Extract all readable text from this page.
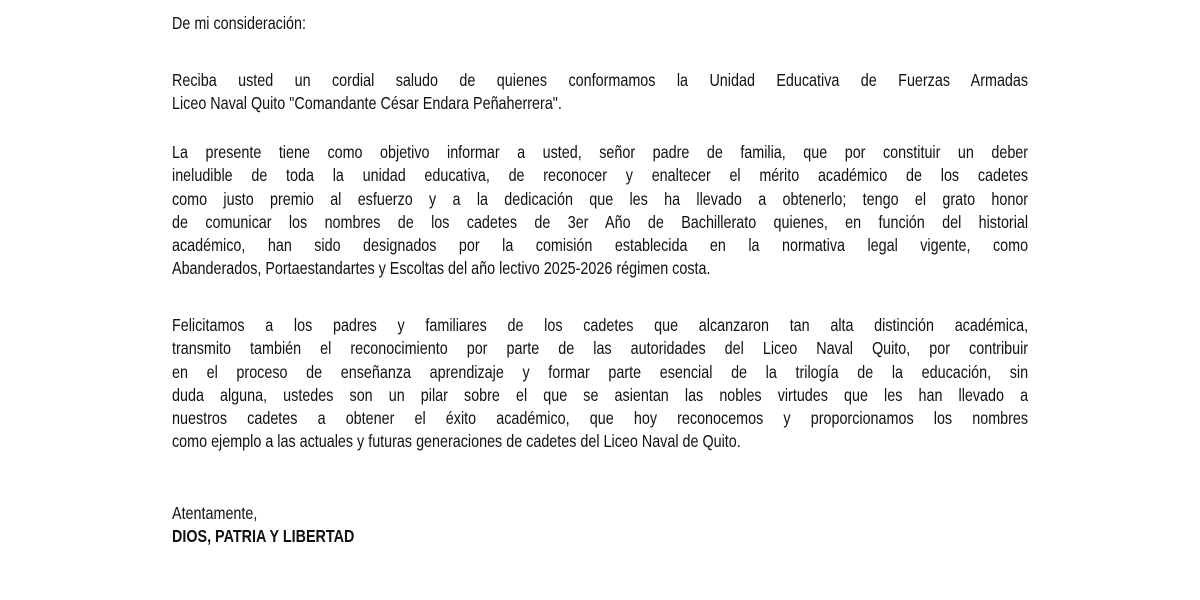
De mi consideración:
Reciba usted un cordial saludo de quienes conformamos la Unidad Educativa de Fuerzas Armadas
Liceo Naval Quito "Comandante César Endara Peñaherrera".
La presente tiene como objetivo informar a usted, señor padre de familia, que por constituir un deber
ineludible de toda la unidad educativa, de reconocer y enaltecer el mérito académico de los cadetes
como justo premio al esfuerzo y a la dedicación que les ha llevado a obtenerlo; tengo el grato honor
de comunicar los nombres de los cadetes de 3er Año de Bachillerato quienes, en función del historial
académico, han sido designados por la comisión establecida en la normativa legal vigente, como
Abanderados, Portaestandartes y Escoltas del año lectivo 2025-2026 régimen costa.
Felicitamos a los padres y familiares de los cadetes que alcanzaron tan alta distinción académica,
transmito también el reconocimiento por parte de las autoridades del Liceo Naval Quito, por contribuir
en el proceso de enseñanza aprendizaje y formar parte esencial de la trilogía de la educación, sin
duda alguna, ustedes son un pilar sobre el que se asientan las nobles virtudes que les han llevado a
nuestros cadetes a obtener el éxito académico, que hoy reconocemos y proporcionamos los nombres
como ejemplo a las actuales y futuras generaciones de cadetes del Liceo Naval de Quito.
Atentamente,
DIOS, PATRIA Y LIBERTAD
